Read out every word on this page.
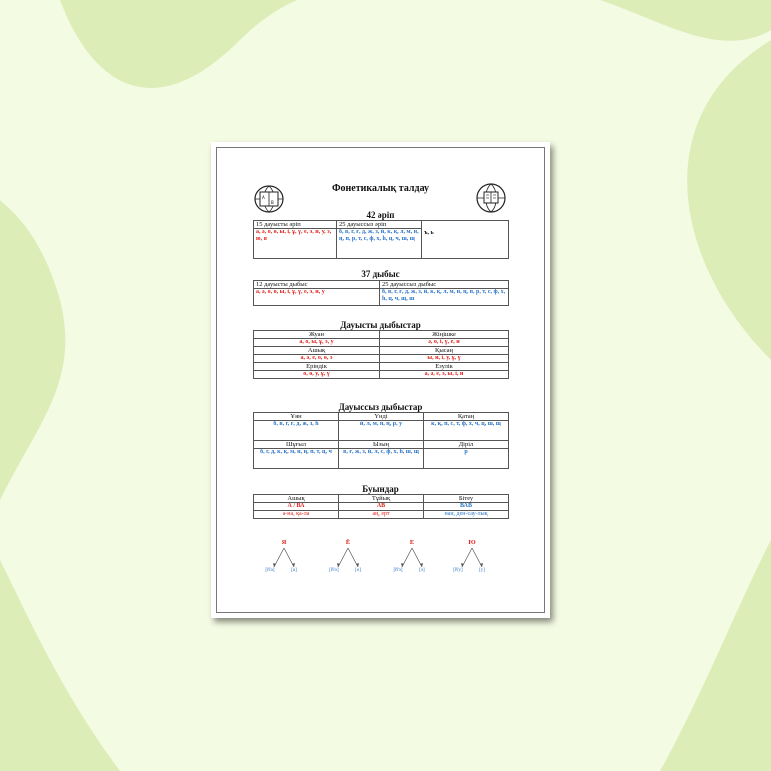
A
B
Фонетикалық талдау
42 әріп
15 дауысты әріп	25 дауыссыз әріп	ъ, ь
а, ә, о, ө, ы, і, ұ, ү, е, э, и, у, э, ю, я	б, в, г, ғ, д, ж, з, й, к, қ, л, м, н, ң, п, р, т, с, ф, х, һ, ц, ч, ш, щ	
37 дыбыс
12 дауысты дыбыс	25 дауыссыз дыбыс
а, ә, о, ө, ы, і, ұ, ү, е, э, и, у	б, в, г, ғ, д, ж, з, й, к, қ, л, м, н, ң, п, р, т, с, ф, х, һ, ц, ч, щ, ш
Дауысты дыбыстар
Жуан	Жіңішке
а, о, ы, ұ, э, у	ә, ө, і, ү, е, и
Ашық	Қысаң
а, ә, е, о, ө, э	ы, и, і, у, ұ, ү
Еріндік	Езулік
о, ө, у, ұ, ү	а, ә, е, э, ы, і, и
Дауыссыз дыбыстар
Ұян	Үнді	Қатаң
б, в, г, ғ, д, ж, з, h	й, л, м, н, ң, р, у	к, қ, п, с, т, ф, х, ч, ц, ш, щ
Шұғыл	Ызың	Діріл
б, г, д, к, қ, м, н, ң, п, т, ц, ч	в, ғ, ж, з, й, л, с, ф, х, h, ш, щ	р
Буындар
Ашық	Тұйық	Бітеу
А / ВА	АВ	ВАВ
а-на, қа-ла	аң, ерт	нан, ден-сау-лық
Я
[й'ә]	[а]
Ё
[й'о]	[о]
Е
[й'э]	[э]
Ю
[й'у]	[у]
